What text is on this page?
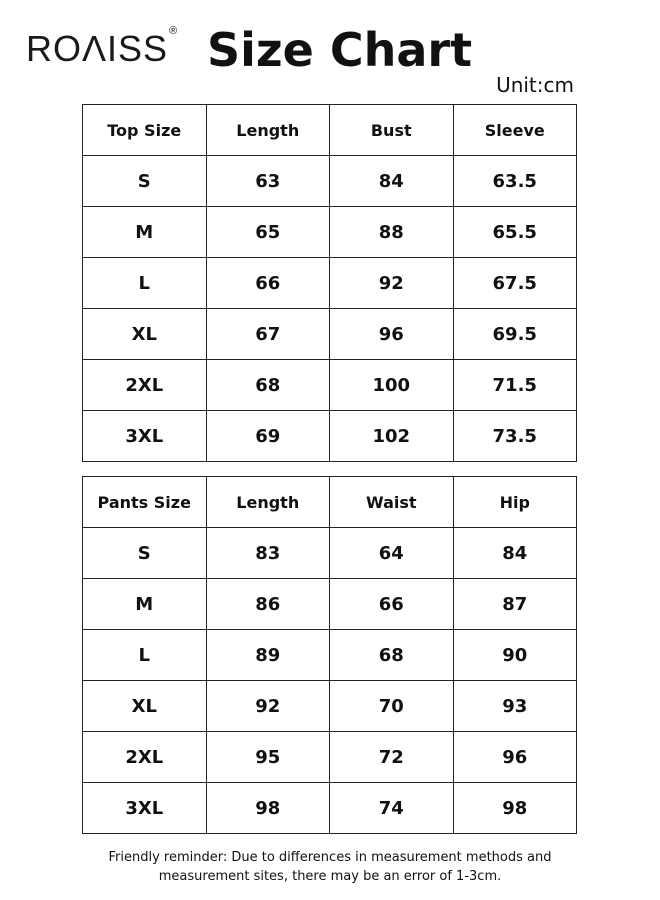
ROΛISS® Size Chart
Unit:cm
Top Size	Length	Bust	Sleeve
S	63	84	63.5
M	65	88	65.5
L	66	92	67.5
XL	67	96	69.5
2XL	68	100	71.5
3XL	69	102	73.5
Pants Size	Length	Waist	Hip
S	83	64	84
M	86	66	87
L	89	68	90
XL	92	70	93
2XL	95	72	96
3XL	98	74	98
Friendly reminder: Due to differences in measurement methods and
measurement sites, there may be an error of 1-3cm.
